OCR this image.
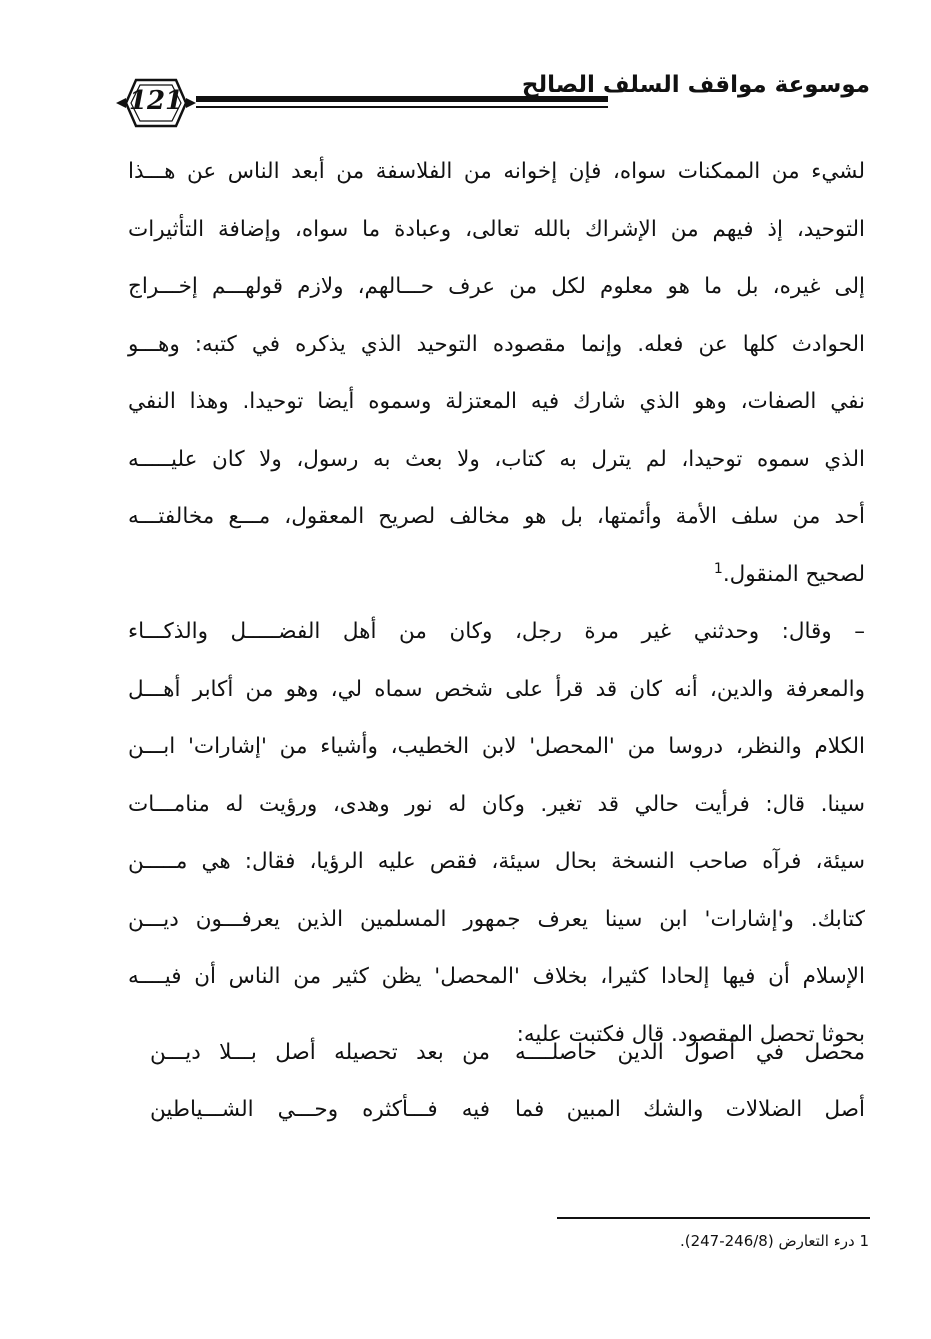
121
موسوعة مواقف السلف الصالح
لشيء من الممكنات سواه، فإن إخوانه من الفلاسفة من أبعد الناس عن هـــذا
التوحيد، إذ فيهم من الإشراك بالله تعالى، وعبادة ما سواه، وإضافة التأثيرات
إلى غيره، بل ما هو معلوم لكل من عرف حـــالهم، ولازم قولهـــم إخـــراج
الحوادث كلها عن فعله. وإنما مقصوده التوحيد الذي يذكره في كتبه: وهـــو
نفي الصفات، وهو الذي شارك فيه المعتزلة وسموه أيضا توحيدا. وهذا النفي
الذي سموه توحيدا، لم يترل به كتاب، ولا بعث به رسول، ولا كان عليـــــه
أحد من سلف الأمة وأئمتها، بل هو مخالف لصريح المعقول، مـــع مخالفتـــه
لصحيح المنقول.$^1$
– وقال: وحدثني غير مرة رجل، وكان من أهل الفضـــــل والذكـــاء
والمعرفة والدين، أنه كان قد قرأ على شخص سماه لي، وهو من أكابر أهـــل
الكلام والنظر، دروسا من 'المحصل' لابن الخطيب، وأشياء من 'إشارات' ابـــن
سينا. قال: فرأيت حالي قد تغير. وكان له نور وهدى، ورؤيت له منامـــات
سيئة، فرآه صاحب النسخة بحال سيئة، فقص عليه الرؤيا، فقال: هي مـــــن
كتابك. و'إشارات' ابن سينا يعرف جمهور المسلمين الذين يعرفـــون ديـــن
الإسلام أن فيها إلحادا كثيرا، بخلاف 'المحصل' يظن كثير من الناس أن فيــــه
بحوثا تحصل المقصود. قال فكتبت عليه:
محصل في أصول الدين حاصلــــه
من بعد تحصيله أصل بـــلا ديـــن
أصل الضلالات والشك المبين فما
فيه فـــأكثره وحـــي الشـــياطين
1 درء التعارض (246/8-247).
